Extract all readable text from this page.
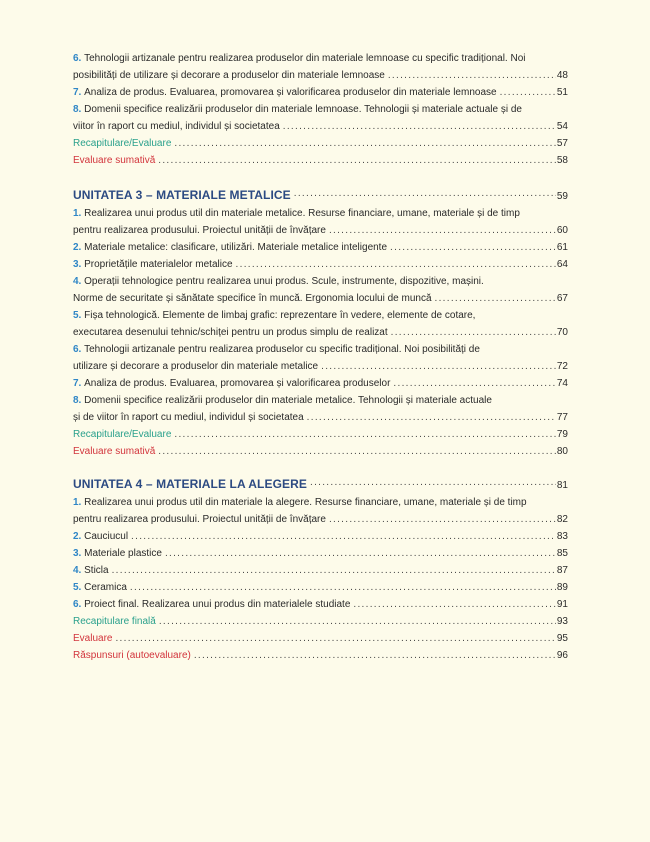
6.
Tehnologii artizanale pentru realizarea produselor din materiale lemnoase cu specific tradițional. Noi
posibilități de utilizare și decorare a produselor din materiale lemnoase .....	48
7.
Analiza de produs. Evaluarea, promovarea și valorificarea produselor din materiale lemnoase .....	51
8.
Domenii specifice realizării produselor din materiale lemnoase. Tehnologii și materiale actuale și de
viitor în raport cu mediul, individul și societatea .....	54
Recapitulare/Evaluare .....	57
Evaluare sumativă .....	58
UNITATEA 3 – MATERIALE METALICE .....	59
1.
Realizarea unui produs util din materiale metalice. Resurse financiare, umane, materiale și de timp
pentru realizarea produsului. Proiectul unității de învățare .....	60
2.
Materiale metalice: clasificare, utilizări. Materiale metalice inteligente .....	61
3.
Proprietățile materialelor metalice .....	64
4.
Operații tehnologice pentru realizarea unui produs. Scule, instrumente, dispozitive, mașini.
Norme de securitate și sănătate specifice în muncă. Ergonomia locului de muncă .....	67
5.
Fișa tehnologică. Elemente de limbaj grafic: reprezentare în vedere, elemente de cotare,
executarea desenului tehnic/schiței pentru un produs simplu de realizat .....	70
6.
Tehnologii artizanale pentru realizarea produselor cu specific tradițional. Noi posibilități de
utilizare și decorare a produselor din materiale metalice .....	72
7.
Analiza de produs. Evaluarea, promovarea și valorificarea produselor .....	74
8.
Domenii specifice realizării produselor din materiale metalice. Tehnologii și materiale actuale
și de viitor în raport cu mediul, individul și societatea .....	77
Recapitulare/Evaluare .....	79
Evaluare sumativă .....	80
UNITATEA 4 – MATERIALE LA ALEGERE .....	81
1.
Realizarea unui produs util din materiale la alegere. Resurse financiare, umane, materiale și de timp
pentru realizarea produsului. Proiectul unității de învățare .....	82
2.
Cauciucul .....	83
3.
Materiale plastice .....	85
4.
Sticla .....	87
5.
Ceramica .....	89
6.
Proiect final. Realizarea unui produs din materialele studiate .....	91
Recapitulare finală .....	93
Evaluare .....	95
Răspunsuri (autoevaluare) .....	96
